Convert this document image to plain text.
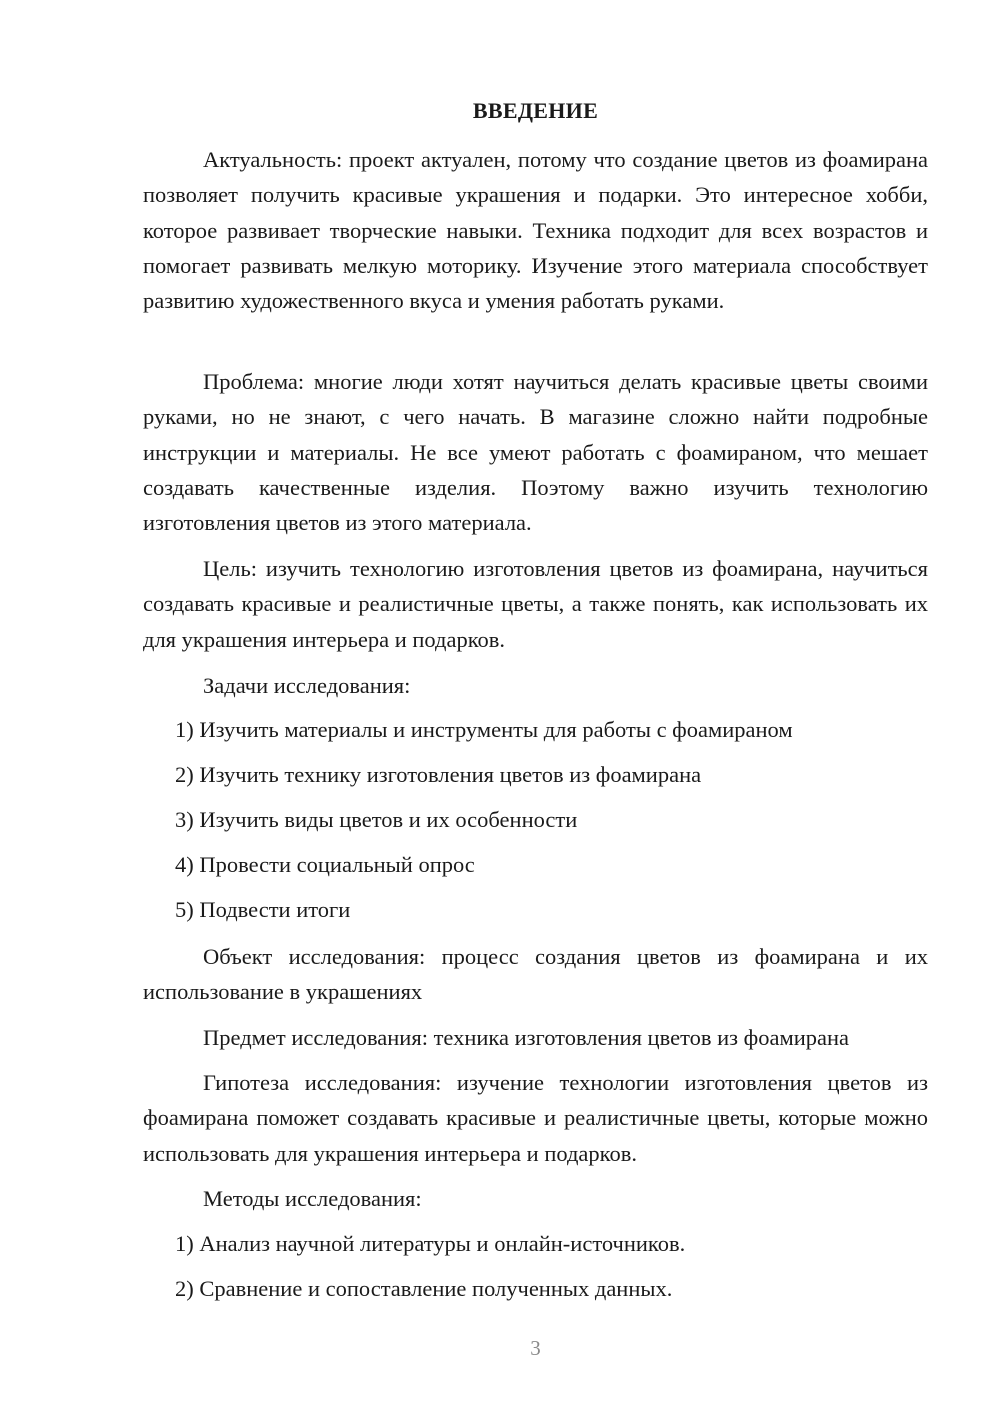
ВВЕДЕНИЕ

Актуальность: проект актуален, потому что создание цветов из фоамирана позволяет получить красивые украшения и подарки. Это интересное хобби, которое развивает творческие навыки. Техника подходит для всех возрастов и помогает развивать мелкую моторику. Изучение этого материала способствует развитию художественного вкуса и умения работать руками.

Проблема: многие люди хотят научиться делать красивые цветы своими руками, но не знают, с чего начать. В магазине сложно найти подробные инструкции и материалы. Не все умеют работать с фоамираном, что мешает создавать качественные изделия. Поэтому важно изучить технологию изготовления цветов из этого материала.

Цель: изучить технологию изготовления цветов из фоамирана, научиться создавать красивые и реалистичные цветы, а также понять, как использовать их для украшения интерьера и подарков.

Задачи исследования:

1) Изучить материалы и инструменты для работы с фоамираном
2) Изучить технику изготовления цветов из фоамирана
3) Изучить виды цветов и их особенности
4) Провести социальный опрос
5) Подвести итоги

Объект исследования: процесс создания цветов из фоамирана и их использование в украшениях

Предмет исследования: техника изготовления цветов из фоамирана

Гипотеза исследования: изучение технологии изготовления цветов из фоамирана поможет создавать красивые и реалистичные цветы, которые можно использовать для украшения интерьера и подарков.

Методы исследования:

1) Анализ научной литературы и онлайн-источников.
2) Сравнение и сопоставление полученных данных.
3
